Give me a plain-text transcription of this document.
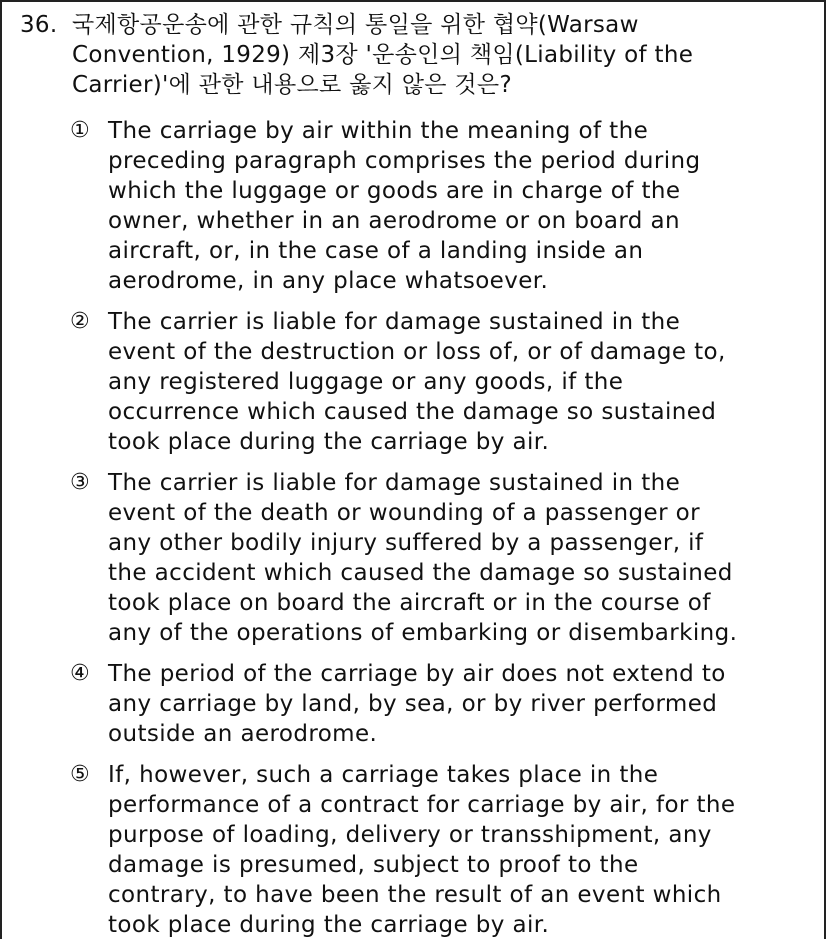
36. 국제항공운송에 관한 규칙의 통일을 위한 협약(Warsaw
Convention, 1929) 제3장 '운송인의 책임(Liability of the
Carrier)'에 관한 내용으로 옳지 않은 것은?
① The carriage by air within the meaning of the
preceding paragraph comprises the period during
which the luggage or goods are in charge of the
owner, whether in an aerodrome or on board an
aircraft, or, in the case of a landing inside an
aerodrome, in any place whatsoever.
② The carrier is liable for damage sustained in the
event of the destruction or loss of, or of damage to,
any registered luggage or any goods, if the
occurrence which caused the damage so sustained
took place during the carriage by air.
③ The carrier is liable for damage sustained in the
event of the death or wounding of a passenger or
any other bodily injury suffered by a passenger, if
the accident which caused the damage so sustained
took place on board the aircraft or in the course of
any of the operations of embarking or disembarking.
④ The period of the carriage by air does not extend to
any carriage by land, by sea, or by river performed
outside an aerodrome.
⑤ If, however, such a carriage takes place in the
performance of a contract for carriage by air, for the
purpose of loading, delivery or transshipment, any
damage is presumed, subject to proof to the
contrary, to have been the result of an event which
took place during the carriage by air.
